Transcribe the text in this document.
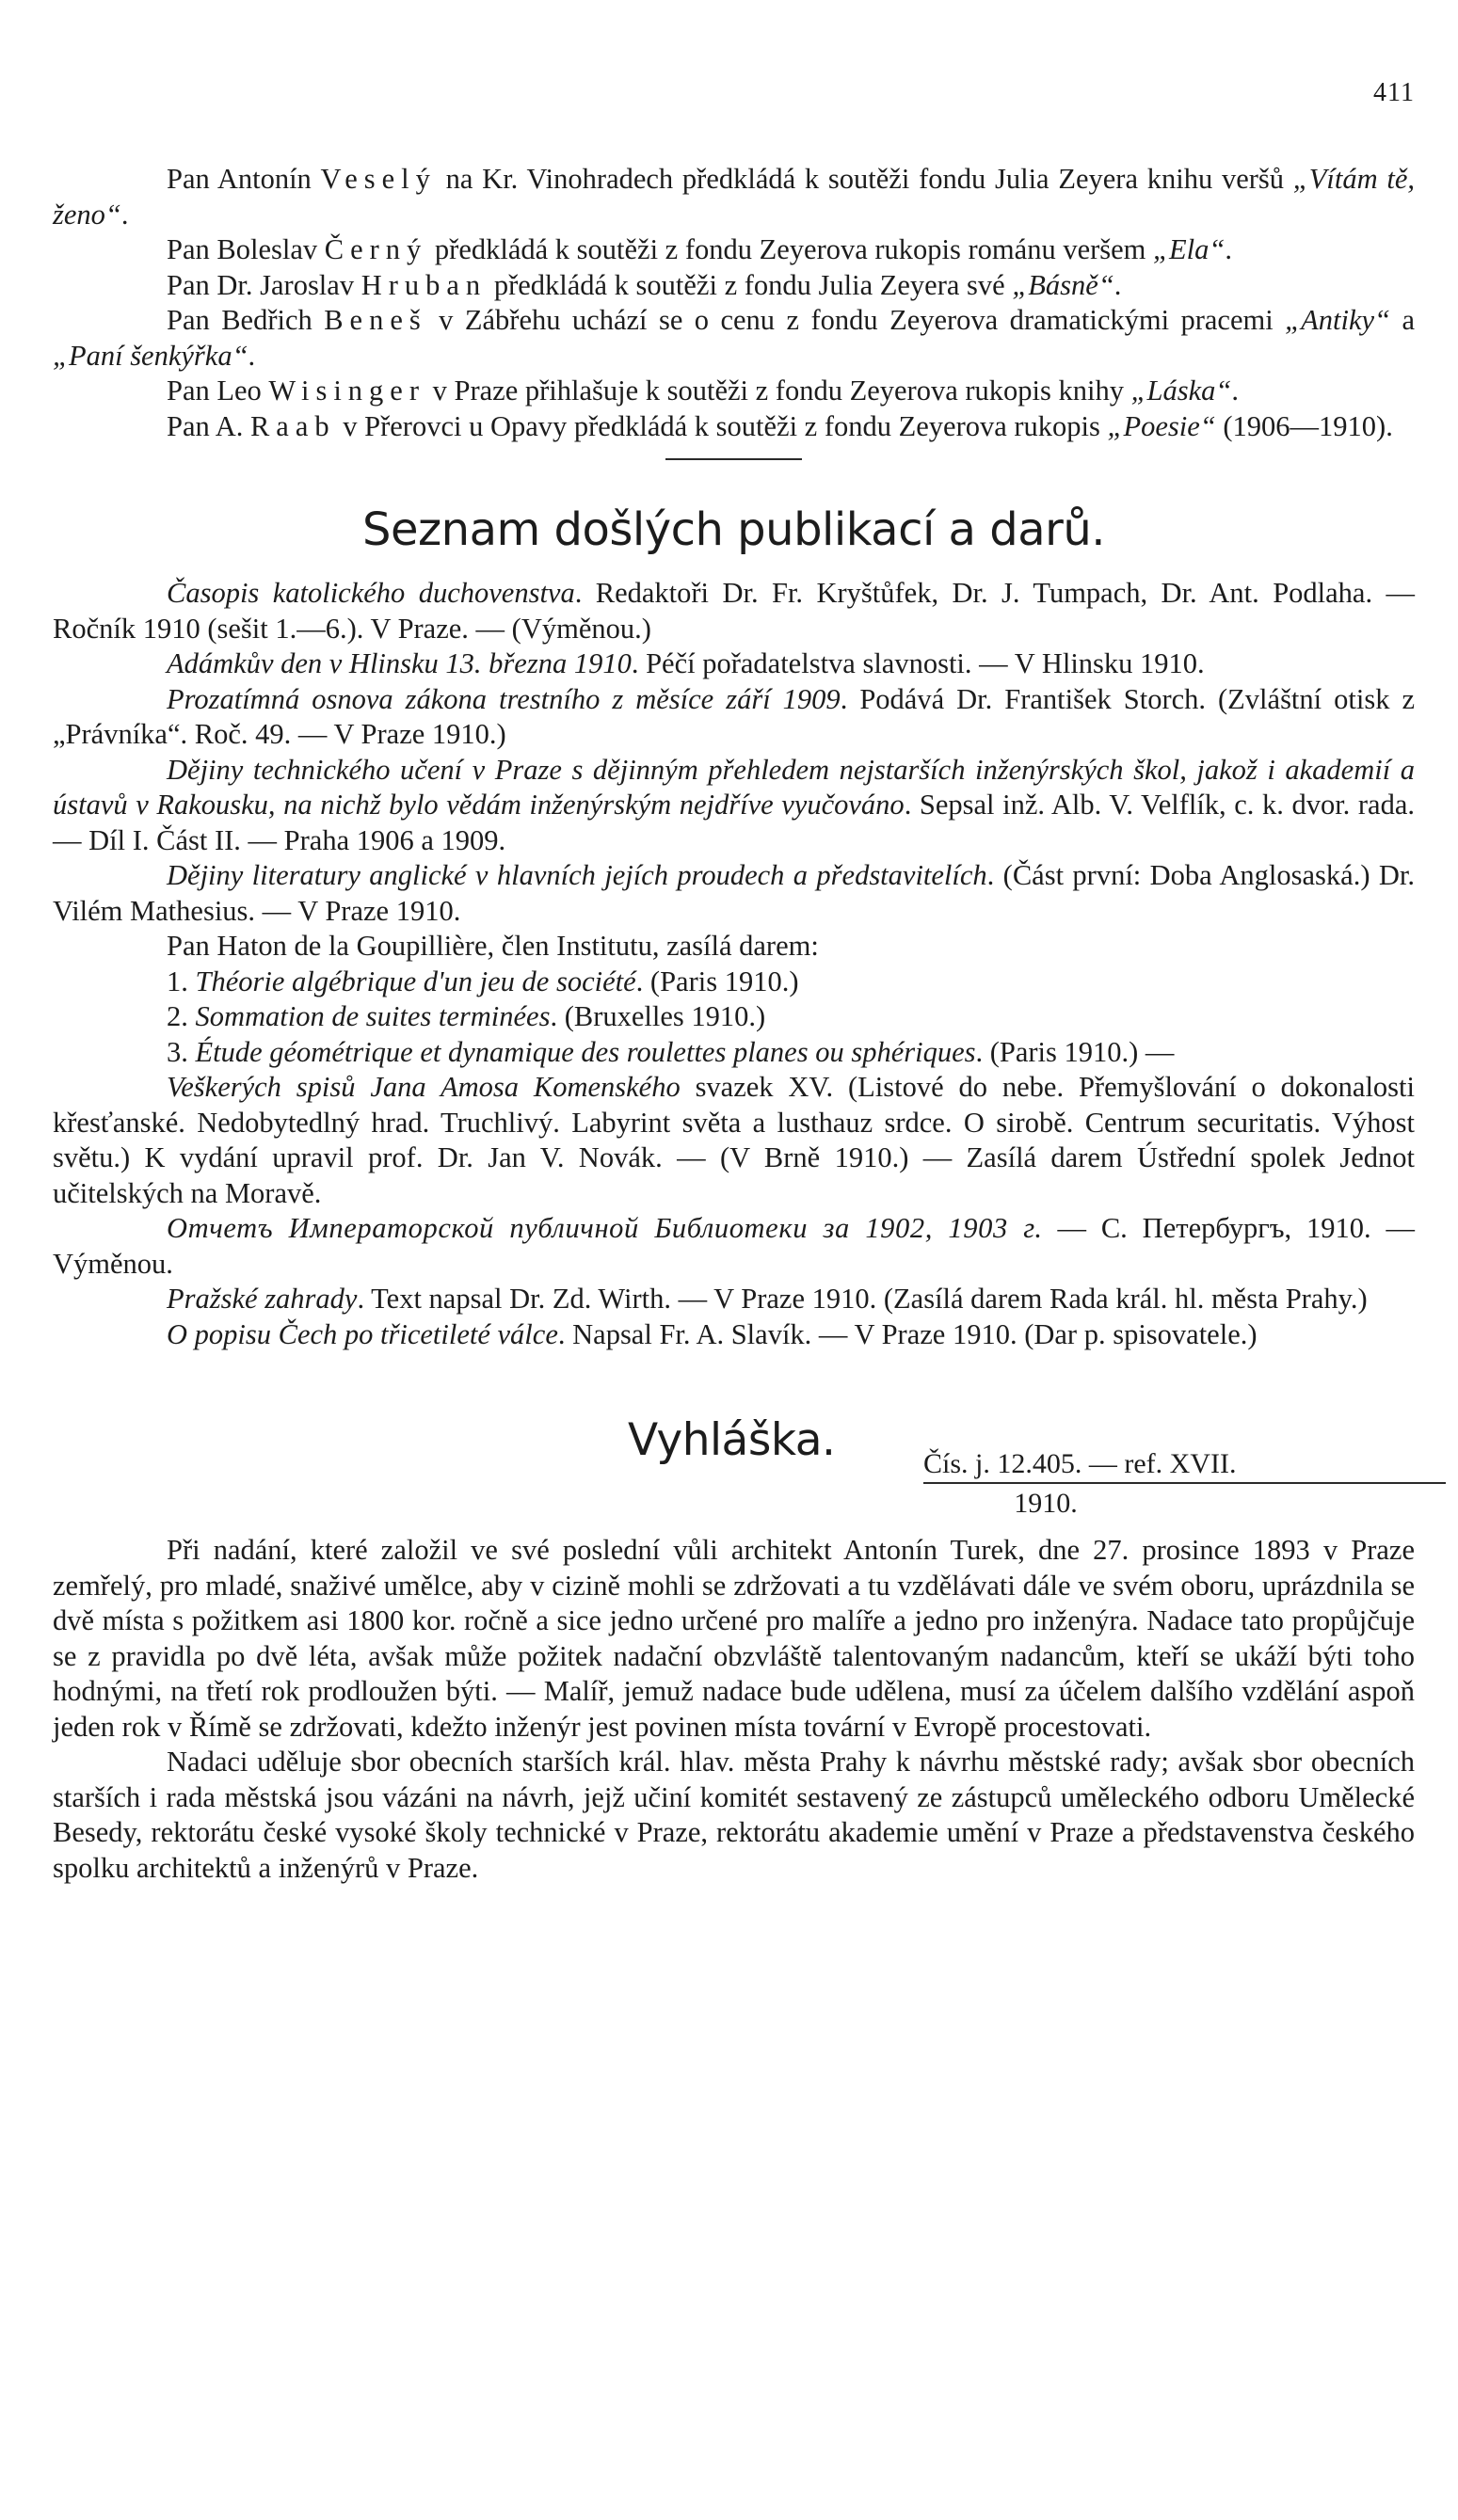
411

Pan Antonín Veselý na Kr. Vinohradech předkládá k soutěži fondu Julia Zeyera knihu veršů „Vítám tě, ženo“.

Pan Boleslav Černý předkládá k soutěži z fondu Zeyerova rukopis románu veršem „Ela“.

Pan Dr. Jaroslav Hruban předkládá k soutěži z fondu Julia Zeyera své „Básně“.

Pan Bedřich Beneš v Zábřehu uchází se o cenu z fondu Zeyerova dramatickými pracemi „Antiky“ a „Paní šenkýřka“.

Pan Leo Wisinger v Praze přihlašuje k soutěži z fondu Zeyerova rukopis knihy „Láska“.

Pan A. Raab v Přerovci u Opavy předkládá k soutěži z fondu Zeyerova rukopis „Poesie“ (1906—1910).

Seznam došlých publikací a darů.

Časopis katolického duchovenstva. Redaktoři Dr. Fr. Kryštůfek, Dr. J. Tumpach, Dr. Ant. Podlaha. — Ročník 1910 (sešit 1.—6.). V Praze. — (Výměnou.)

Adámkův den v Hlinsku 13. března 1910. Péčí pořadatelstva slavnosti. — V Hlinsku 1910.

Prozatímná osnova zákona trestního z měsíce září 1909. Podává Dr. František Storch. (Zvláštní otisk z „Právníka“. Roč. 49. — V Praze 1910.)

Dějiny technického učení v Praze s dějinným přehledem nejstarších inženýrských škol, jakož i akademií a ústavů v Rakousku, na nichž bylo vědám inženýrským nejdříve vyučováno. Sepsal inž. Alb. V. Velflík, c. k. dvor. rada. — Díl I. Část II. — Praha 1906 a 1909.

Dějiny literatury anglické v hlavních jejích proudech a představitelích. (Část první: Doba Anglosaská.) Dr. Vilém Mathesius. — V Praze 1910.

Pan Haton de la Goupillière, člen Institutu, zasílá darem:

1. Théorie algébrique d'un jeu de société. (Paris 1910.)

2. Sommation de suites terminées. (Bruxelles 1910.)

3. Étude géométrique et dynamique des roulettes planes ou sphériques. (Paris 1910.) —

Veškerých spisů Jana Amosa Komenského svazek XV. (Listové do nebe. Přemyšlování o dokonalosti křesťanské. Nedobytedlný hrad. Truchlivý. Labyrint světa a lusthauz srdce. O sirobě. Centrum securitatis. Výhost světu.) K vydání upravil prof. Dr. Jan V. Novák. — (V Brně 1910.) — Zasílá darem Ústřední spolek Jednot učitelských na Moravě.

Отчетъ Императорской публичной Библиотеки за 1902, 1903 г. — С. Петербургъ, 1910. — Výměnou.

Pražské zahrady. Text napsal Dr. Zd. Wirth. — V Praze 1910. (Zasílá darem Rada král. hl. města Prahy.)

O popisu Čech po třicetileté válce. Napsal Fr. A. Slavík. — V Praze 1910. (Dar p. spisovatele.)

Vyhláška.	Čís. j. 12.405. — ref. XVII.
1910.

Při nadání, které založil ve své poslední vůli architekt Antonín Turek, dne 27. prosince 1893 v Praze zemřelý, pro mladé, snaživé umělce, aby v cizině mohli se zdržovati a tu vzdělávati dále ve svém oboru, uprázdnila se dvě místa s požitkem asi 1800 kor. ročně a sice jedno určené pro malíře a jedno pro inženýra. Nadace tato propůjčuje se z pravidla po dvě léta, avšak může požitek nadační obzvláště talentovaným nadancům, kteří se ukáží býti toho hodnými, na třetí rok prodloužen býti. — Malíř, jemuž nadace bude udělena, musí za účelem dalšího vzdělání aspoň jeden rok v Římě se zdržovati, kdežto inženýr jest povinen místa tovární v Evropě procestovati.

Nadaci uděluje sbor obecních starších král. hlav. města Prahy k návrhu městské rady; avšak sbor obecních starších i rada městská jsou vázáni na návrh, jejž učiní komitét sestavený ze zástupců uměleckého odboru Umělecké Besedy, rektorátu české vysoké školy technické v Praze, rektorátu akademie umění v Praze a představenstva českého spolku architektů a inženýrů v Praze.
